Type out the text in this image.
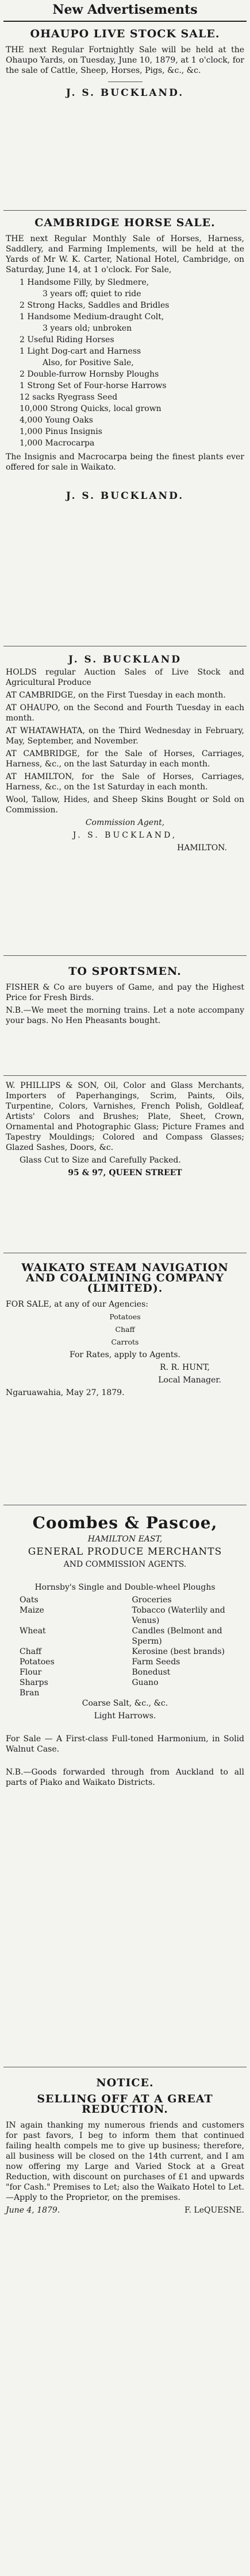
New Advertisements
OHAUPO LIVE STOCK SALE.

THE next Regular Fortnightly Sale will be held at the Ohaupo Yards, on Tuesday, June 10, 1879, at 1 o'clock, for the sale of Cattle, Sheep, Horses, Pigs, &c., &c.

J. S. BUCKLAND.
CAMBRIDGE HORSE SALE.

THE next Regular Monthly Sale of Horses, Harness, Saddlery, and Farming Implements, will be held at the Yards of Mr W. K. Carter, National Hotel, Cambridge, on Saturday, June 14, at 1 o'clock. For Sale,

1 Handsome Filly, by Sledmere,
3 years off; quiet to ride
2 Strong Hacks, Saddles and Bridles
1 Handsome Medium-draught Colt,
3 years old; unbroken
2 Useful Riding Horses
1 Light Dog-cart and Harness
Also, for Positive Sale,
2 Double-furrow Hornsby Ploughs
1 Strong Set of Four-horse Harrows
12 sacks Ryegrass Seed
10,000 Strong Quicks, local grown
4,000 Young Oaks
1,000 Pinus Insignis
1,000 Macrocarpa

The Insignis and Macrocarpa being the finest plants ever offered for sale in Waikato.

J. S. BUCKLAND.
J. S. BUCKLAND

HOLDS regular Auction Sales of Live Stock and Agricultural Produce

AT CAMBRIDGE, on the First Tuesday in each month.

AT OHAUPO, on the Second and Fourth Tuesday in each month.

AT WHATAWHATA, on the Third Wednesday in February, May, September, and November.

AT CAMBRIDGE, for the Sale of Horses, Carriages, Harness, &c., on the last Saturday in each month.

AT HAMILTON, for the Sale of Horses, Carriages, Harness, &c., on the 1st Saturday in each month.

Wool, Tallow, Hides, and Sheep Skins Bought or Sold on Commission.

Commission Agent,

J. S. BUCKLAND,

HAMILTON.

TO SPORTSMEN.

FISHER & Co are buyers of Game, and pay the Highest Price for Fresh Birds.

N.B.—We meet the morning trains. Let a note accompany your bags. No Hen Pheasants bought.

W. PHILLIPS & SON, Oil, Color and Glass Merchants, Importers of Paperhangings, Scrim, Paints, Oils, Turpentine, Colors, Varnishes, French Polish, Goldleaf, Artists' Colors and Brushes; Plate, Sheet, Crown, Ornamental and Photographic Glass; Picture Frames and Tapestry Mouldings; Colored and Compass Glasses; Glazed Sashes, Doors, &c.

Glass Cut to Size and Carefully Packed.

95 & 97, QUEEN STREET

WAIKATO STEAM NAVIGATION AND COALMINING COMPANY (LIMITED).

FOR SALE, at any of our Agencies:

Potatoes

Chaff

Carrots

For Rates, apply to Agents.

R. R. HUNT,

Local Manager.

Ngaruawahia, May 27, 1879.

Coombes & Pascoe,

HAMILTON EAST,

GENERAL PRODUCE MERCHANTS

AND COMMISSION AGENTS.

Hornsby's Single and Double-wheel Ploughs

Oats	Groceries
Maize	Tobacco (Waterlily and Venus)
Wheat	Candles (Belmont and Sperm)
Chaff	Kerosine (best brands)
Potatoes	Farm Seeds
Flour	Bonedust
Sharps	Guano
Bran

Coarse Salt, &c., &c.

Light Harrows.

For Sale — A First-class Full-toned Harmonium, in Solid Walnut Case.

N.B.—Goods forwarded through from Auckland to all parts of Piako and Waikato Districts.

NOTICE.
SELLING OFF AT A GREAT REDUCTION.

IN again thanking my numerous friends and customers for past favors, I beg to inform them that continued failing health compels me to give up business; therefore, all business will be closed on the 14th current, and I am now offering my Large and Varied Stock at a Great Reduction, with discount on purchases of £1 and upwards "for Cash." Premises to Let; also the Waikato Hotel to Let.—Apply to the Proprietor, on the premises.

June 4, 1879.	F. LeQUESNE.
